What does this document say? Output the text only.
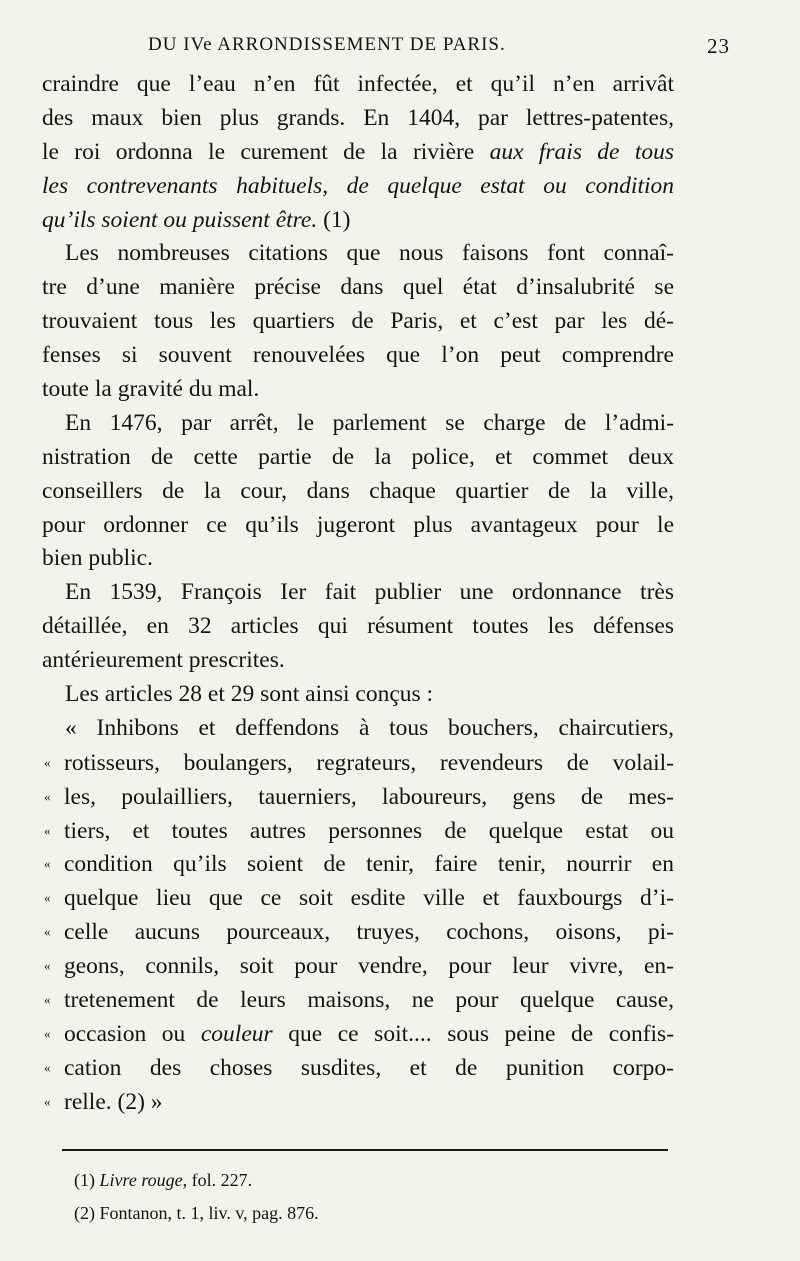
DU IVe ARRONDISSEMENT DE PARIS.	23
craindre que l’eau n’en fût infectée, et qu’il n’en arrivât
des maux bien plus grands. En 1404, par lettres-patentes,
le roi ordonna le curement de la rivière aux frais de tous
les contrevenants habituels, de quelque estat ou condition
qu’ils soient ou puissent être. (1)
Les nombreuses citations que nous faisons font connaî-
tre d’une manière précise dans quel état d’insalubrité se
trouvaient tous les quartiers de Paris, et c’est par les dé-
fenses si souvent renouvelées que l’on peut comprendre
toute la gravité du mal.
En 1476, par arrêt, le parlement se charge de l’admi-
nistration de cette partie de la police, et commet deux
conseillers de la cour, dans chaque quartier de la ville,
pour ordonner ce qu’ils jugeront plus avantageux pour le
bien public.
En 1539, François Ier fait publier une ordonnance très
détaillée, en 32 articles qui résument toutes les défenses
antérieurement prescrites.
Les articles 28 et 29 sont ainsi conçus :
« Inhibons et deffendons à tous bouchers, chaircutiers,
« rotisseurs, boulangers, regrateurs, revendeurs de volail-
« les, poulailliers, tauerniers, laboureurs, gens de mes-
« tiers, et toutes autres personnes de quelque estat ou
« condition qu’ils soient de tenir, faire tenir, nourrir en
« quelque lieu que ce soit esdite ville et fauxbourgs d’i-
« celle aucuns pourceaux, truyes, cochons, oisons, pi-
« geons, connils, soit pour vendre, pour leur vivre, en-
« tretenement de leurs maisons, ne pour quelque cause,
« occasion ou couleur que ce soit.... sous peine de confis-
« cation des choses susdites, et de punition corpo-
« relle. (2) »
(1) Livre rouge, fol. 227.
(2) Fontanon, t. 1, liv. v, pag. 876.
